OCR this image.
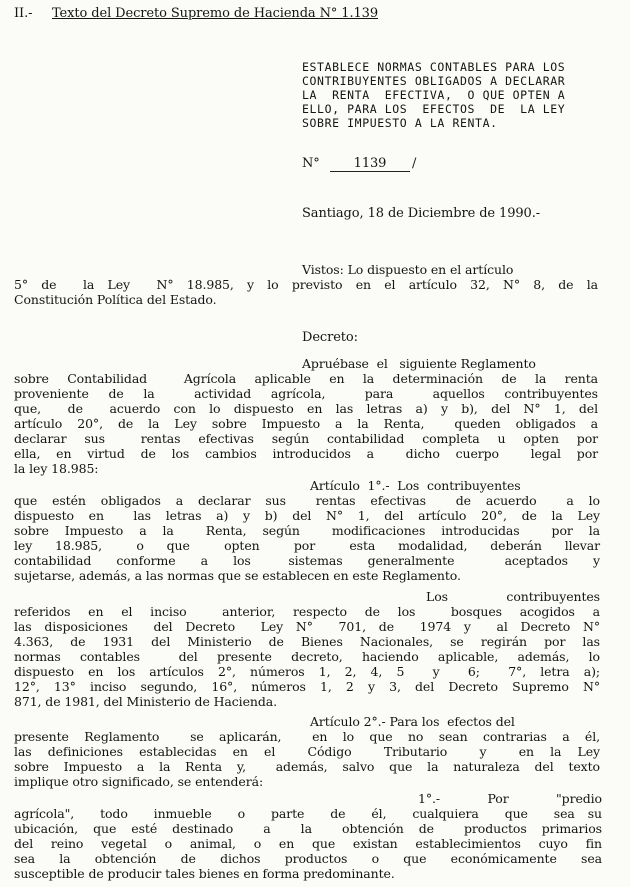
II.- Texto del Decreto Supremo de Hacienda N° 1.139
ESTABLECE NORMAS CONTABLES PARA LOS
CONTRIBUYENTES OBLIGADOS A DECLARAR
LA  RENTA  EFECTIVA,  O QUE OPTEN A
ELLO, PARA LOS  EFECTOS  DE  LA LEY
SOBRE IMPUESTO A LA RENTA.
N°	1139	/
Santiago, 18 de Diciembre de 1990.-
Vistos: Lo dispuesto en el artículo
5° de  la Ley  N° 18.985, y lo previsto en el artículo 32, N° 8, de la
Constitución Política del Estado.
Decreto:
Apruébase  el   siguiente Reglamento
sobre Contabilidad  Agrícola aplicable en la determinación de la renta
proveniente de la  actividad agrícola,  para  aquellos contribuyentes
que,  de  acuerdo con lo dispuesto en las letras a) y b), del N° 1, del
artículo 20°, de la Ley sobre Impuesto a la Renta,  queden obligados a
declarar sus  rentas efectivas según contabilidad completa u opten por
ella, en virtud de los cambios introducidos a  dicho cuerpo  legal por
la ley 18.985:
Artículo  1°.-  Los  contribuyentes
que estén obligados a declarar sus  rentas efectivas  de acuerdo  a lo
dispuesto en  las letras a) y b) del N° 1, del artículo 20°, de la Ley
sobre Impuesto a la  Renta, según  modificaciones introducidas  por la
ley  18.985,   o  que   opten   por   esta  modalidad,  deberán  llevar
contabilidad  conforme  a  los   sistemas  generalmente    aceptados  y
sujetarse, además, a las normas que se establecen en este Reglamento.
Los        contribuyentes
referidos en el inciso  anterior, respecto de los  bosques acogidos a
las disposiciones  del Decreto  Ley N°  701, de  1974 y  al Decreto N°
4.363, de 1931 del Ministerio de Bienes Nacionales, se regirán por las
normas contables  del presente decreto, haciendo aplicable, además, lo
dispuesto en los artículos 2°, números 1, 2, 4, 5  y  6;  7°, letra a);
12°, 13° inciso segundo, 16°, números 1, 2 y 3, del Decreto Supremo N°
871, de 1981, del Ministerio de Hacienda.
Artículo 2°.- Para los  efectos del
presente Reglamento  se aplicarán,  en lo que no sean contrarias a él,
las definiciones establecidas en el  Código  Tributario  y  en la Ley
sobre Impuesto a la Renta y,  además, salvo que la naturaleza del texto
implique otro significado, se entenderá:
1°.-       Por       "predio
agrícola",  todo  inmueble  o  parte  de  él,  cualquiera  que  sea su
ubicación, que esté destinado  a  la  obtención de  productos primarios
del reino vegetal o animal, o en que existan establecimientos cuyo fin
sea  la  obtención  de  dichos  productos  o  que  económicamente  sea
susceptible de producir tales bienes en forma predominante.
